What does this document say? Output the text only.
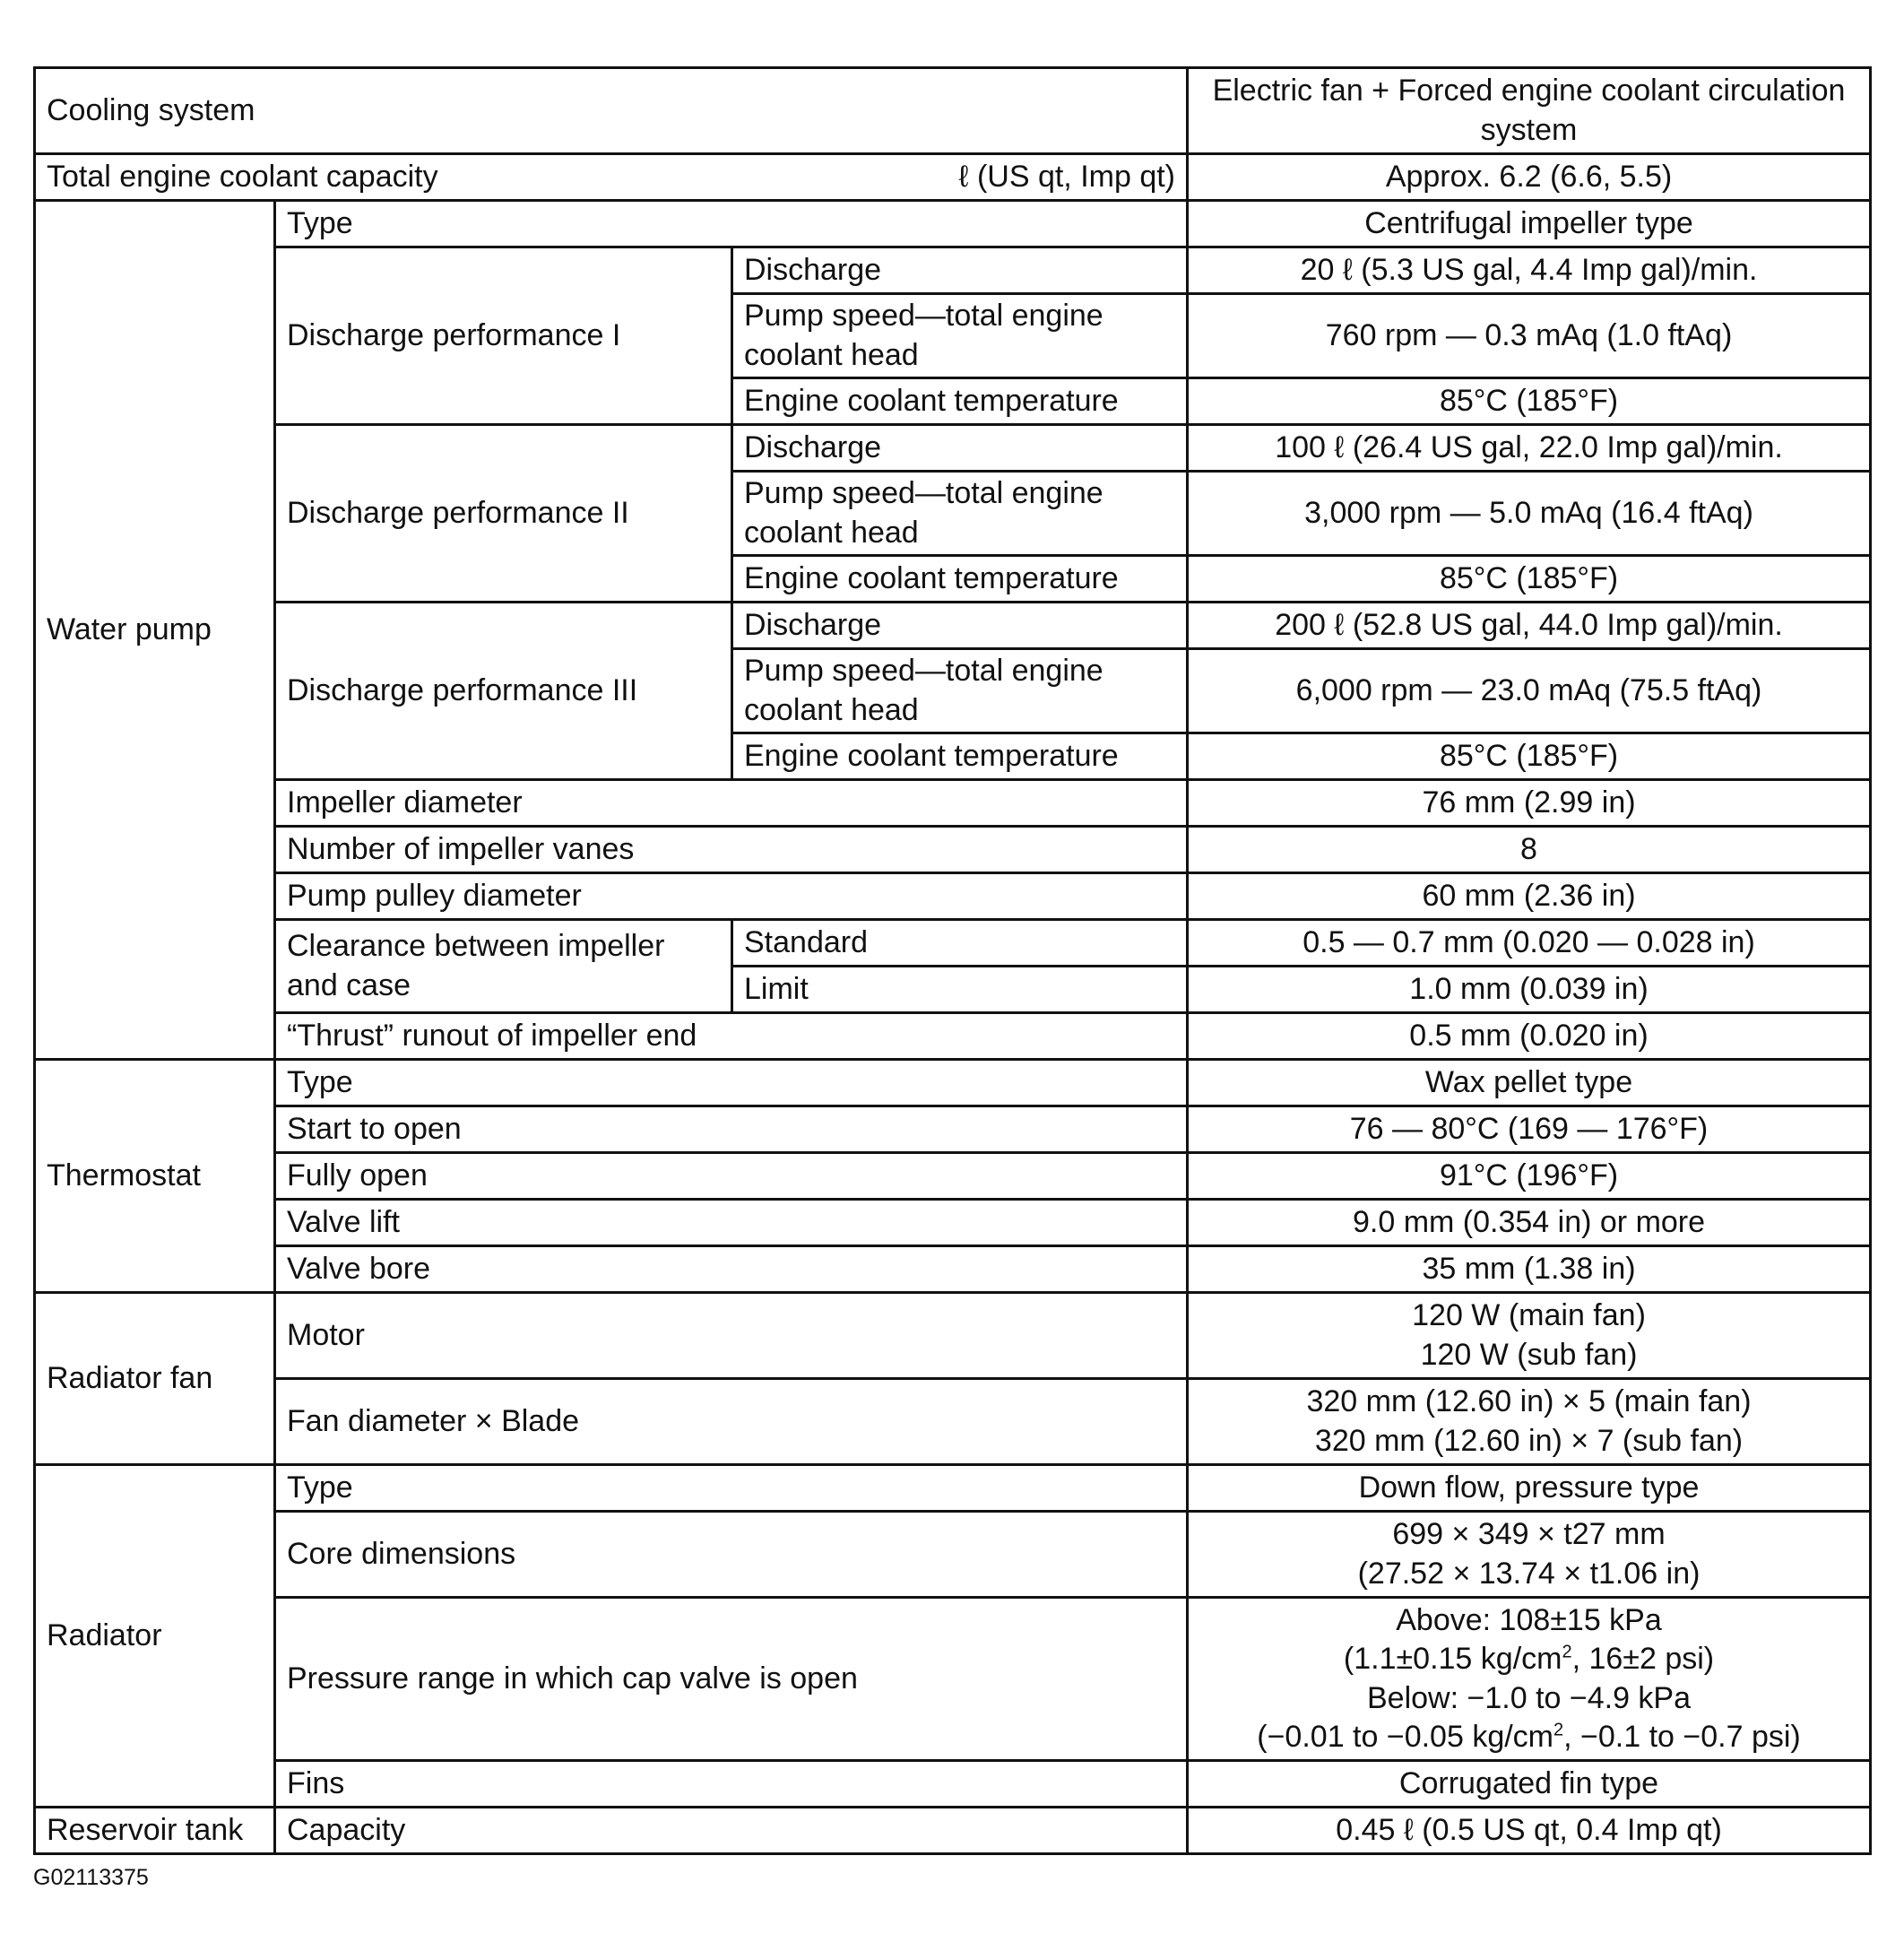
Cooling system			Electric fan + Forced engine coolant circulation system

Total engine coolant capacity ℓ (US qt, Imp qt)			Approx. 6.2 (6.6, 5.5)
Water pump	Type		Centrifugal impeller type
	Discharge performance I	Discharge	20 ℓ (5.3 US gal, 4.4 Imp gal)/min.
		Pump speed—total engine coolant head	760 rpm — 0.3 mAq (1.0 ftAq)
		Engine coolant temperature	85°C (185°F)
	Discharge performance II	Discharge	100 ℓ (26.4 US gal, 22.0 Imp gal)/min.
		Pump speed—total engine coolant head	3,000 rpm — 5.0 mAq (16.4 ftAq)
		Engine coolant temperature	85°C (185°F)
	Discharge performance III	Discharge	200 ℓ (52.8 US gal, 44.0 Imp gal)/min.
		Pump speed—total engine coolant head	6,000 rpm — 23.0 mAq (75.5 ftAq)
		Engine coolant temperature	85°C (185°F)
	Impeller diameter		76 mm (2.99 in)
	Number of impeller vanes		8
	Pump pulley diameter		60 mm (2.36 in)
	Clearance between impeller and case	Standard	0.5 — 0.7 mm (0.020 — 0.028 in)
		Limit	1.0 mm (0.039 in)
	“Thrust” runout of impeller end		0.5 mm (0.020 in)
Thermostat	Type		Wax pellet type
	Start to open		76 — 80°C (169 — 176°F)
	Fully open		91°C (196°F)
	Valve lift		9.0 mm (0.354 in) or more
	Valve bore		35 mm (1.38 in)
Radiator fan	Motor		120 W (main fan)
120 W (sub fan)

	Fan diameter × Blade		320 mm (12.60 in) × 5 (main fan)
320 mm (12.60 in) × 7 (sub fan)

Radiator	Type		Down flow, pressure type
	Core dimensions		699 × 349 × t27 mm
(27.52 × 13.74 × t1.06 in)

	Pressure range in which cap valve is open		Above: 108±15 kPa
(1.1±0.15 $kg/cm^2$, 16±2 psi)
Below: −1.0 to −4.9 kPa
(−0.01 to −0.05 $kg/cm^2$, −0.1 to −0.7 psi)

	Fins		Corrugated fin type
Reservoir tank	Capacity		0.45 ℓ (0.5 US qt, 0.4 Imp qt)
G02113375
